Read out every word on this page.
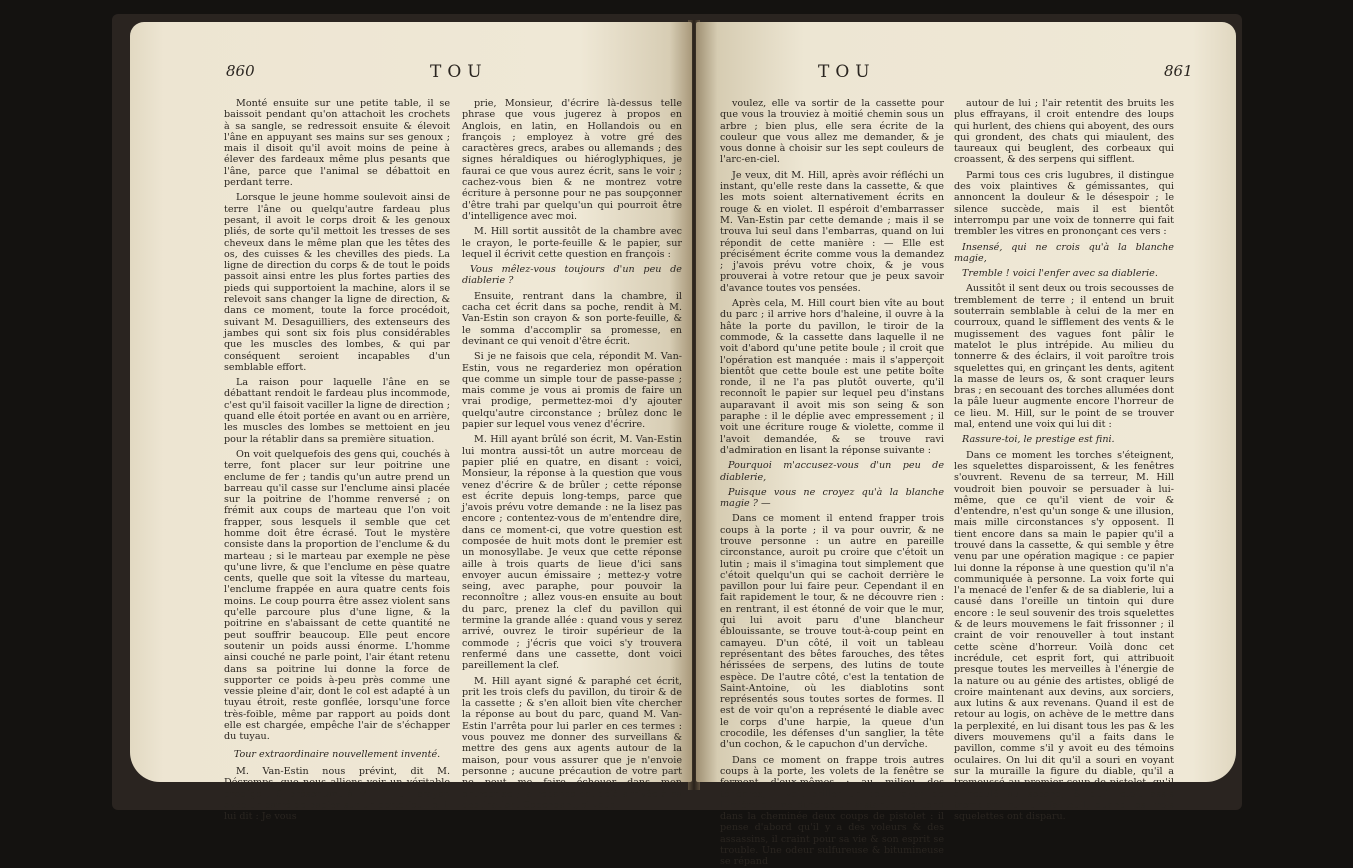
860	TOU

Monté ensuite sur une petite table, il se baissoit pendant qu'on attachoit les crochets à sa sangle, se redressoit ensuite & élevoit l'âne en appuyant ses mains sur ses genoux ; mais il disoit qu'il avoit moins de peine à élever des fardeaux même plus pesants que l'âne, parce que l'animal se débattoit en perdant terre.

Lorsque le jeune homme soulevoit ainsi de terre l'âne ou quelqu'autre fardeau plus pesant, il avoit le corps droit & les genoux pliés, de sorte qu'il mettoit les tresses de ses cheveux dans le même plan que les têtes des os, des cuisses & les chevilles des pieds. La ligne de direction du corps & de tout le poids passoit ainsi entre les plus fortes parties des pieds qui supportoient la machine, alors il se relevoit sans changer la ligne de direction, & dans ce moment, toute la force procédoit, suivant M. Desaguilliers, des extenseurs des jambes qui sont six fois plus considérables que les muscles des lombes, & qui par conséquent seroient incapables d'un semblable effort.

La raison pour laquelle l'âne en se débattant rendoit le fardeau plus incommode, c'est qu'il faisoit vaciller la ligne de direction ; quand elle étoit portée en avant ou en arrière, les muscles des lombes se mettoient en jeu pour la rétablir dans sa première situation.

On voit quelquefois des gens qui, couchés à terre, font placer sur leur poitrine une enclume de fer ; tandis qu'un autre prend un barreau qu'il casse sur l'enclume ainsi placée sur la poitrine de l'homme renversé ; on frémit aux coups de marteau que l'on voit frapper, sous lesquels il semble que cet homme doit être écrasé. Tout le mystère consiste dans la proportion de l'enclume & du marteau ; si le marteau par exemple ne pèse qu'une livre, & que l'enclume en pèse quatre cents, quelle que soit la vîtesse du marteau, l'enclume frappée en aura quatre cents fois moins. Le coup pourra être assez violent sans qu'elle parcoure plus d'une ligne, & la poitrine en s'abaissant de cette quantité ne peut souffrir beaucoup. Elle peut encore soutenir un poids aussi énorme. L'homme ainsi couché ne parle point, l'air étant retenu dans sa poitrine lui donne la force de supporter ce poids à-peu près comme une vessie pleine d'air, dont le col est adapté à un tuyau étroit, reste gonflée, lorsqu'une force très-foible, même par rapport au poids dont elle est chargée, empêche l'air de s'échapper du tuyau.

Tour extraordinaire nouvellement inventé.

M. Van-Estin nous prévint, dit M. Décremps, que nous allions voir un véritable prodige ; & présentant à M. Hill un crayon avec un carré de papier sur un porte-feuille, il lui dit : Je vous

prie, Monsieur, d'écrire là-dessus telle phrase que vous jugerez à propos en Anglois, en latin, en Hollandois ou en françois ; employez à votre gré des caractères grecs, arabes ou allemands ; des signes héraldiques ou hiéroglyphiques, je faurai ce que vous aurez écrit, sans le voir ; cachez-vous bien & ne montrez votre écriture à personne pour ne pas soupçonner d'être trahi par quelqu'un qui pourroit être d'intelligence avec moi.

M. Hill sortit aussitôt de la chambre avec le crayon, le porte-feuille & le papier, sur lequel il écrivit cette question en françois :

Vous mêlez-vous toujours d'un peu de diablerie ?

Ensuite, rentrant dans la chambre, il cacha cet écrit dans sa poche, rendit à M. Van-Estin son crayon & son porte-feuille, & le somma d'accomplir sa promesse, en devinant ce qui venoit d'être écrit.

Si je ne faisois que cela, répondit M. Van-Estin, vous ne regarderiez mon opération que comme un simple tour de passe-passe ; mais comme je vous ai promis de faire un vrai prodige, permettez-moi d'y ajouter quelqu'autre circonstance ; brûlez donc le papier sur lequel vous venez d'écrire.

M. Hill ayant brûlé son écrit, M. Van-Estin lui montra aussi-tôt un autre morceau de papier plié en quatre, en disant : voici, Monsieur, la réponse à la question que vous venez d'écrire & de brûler ; cette réponse est écrite depuis long-temps, parce que j'avois prévu votre demande : ne la lisez pas encore ; contentez-vous de m'entendre dire, dans ce moment-ci, que votre question est composée de huit mots dont le premier est un monosyllabe. Je veux que cette réponse aille à trois quarts de lieue d'ici sans envoyer aucun émissaire ; mettez-y votre seing, avec paraphe, pour pouvoir la reconnoître ; allez vous-en ensuite au bout du parc, prenez la clef du pavillon qui termine la grande allée : quand vous y serez arrivé, ouvrez le tiroir supérieur de la commode ; j'écris que voici s'y trouvera renfermé dans une cassette, dont voici pareillement la clef.

M. Hill ayant signé & paraphé cet écrit, prit les trois clefs du pavillon, du tiroir & de la cassette ; & s'en alloit bien vîte chercher la réponse au bout du parc, quand M. Van-Estin l'arrêta pour lui parler en ces termes : vous pouvez me donner des surveillans & mettre des gens aux agents autour de la maison, pour vous assurer que je n'envoie personne ; aucune précaution de votre part ne peut me faire échouer dans mon entreprise ; la réponse est déjà arrivée à sa destination. Cependant, si vous

TOU	861

voulez, elle va sortir de la cassette pour que vous la trouviez à moitié chemin sous un arbre ; bien plus, elle sera écrite de la couleur que vous allez me demander, & je vous donne à choisir sur les sept couleurs de l'arc-en-ciel.

Je veux, dit M. Hill, après avoir réfléchi un instant, qu'elle reste dans la cassette, & que les mots soient alternativement écrits en rouge & en violet. Il espéroit d'embarrasser M. Van-Estin par cette demande ; mais il se trouva lui seul dans l'embarras, quand on lui répondit de cette manière : — Elle est précisément écrite comme vous la demandez ; j'avois prévu votre choix, & je vous prouverai à votre retour que je peux savoir d'avance toutes vos pensées.

Après cela, M. Hill court bien vîte au bout du parc ; il arrive hors d'haleine, il ouvre à la hâte la porte du pavillon, le tiroir de la commode, & la cassette dans laquelle il ne voit d'abord qu'une petite boule ; il croit que l'opération est manquée : mais il s'apperçoit bientôt que cette boule est une petite boîte ronde, il ne l'a pas plutôt ouverte, qu'il reconnoît le papier sur lequel peu d'instans auparavant il avoit mis son seing & son paraphe : il le déplie avec empressement ; il voit une écriture rouge & violette, comme il l'avoit demandée, & se trouve ravi d'admiration en lisant la réponse suivante :

Pourquoi m'accusez-vous d'un peu de diablerie,

Puisque vous ne croyez qu'à la blanche magie ? —

Dans ce moment il entend frapper trois coups à la porte ; il va pour ouvrir, & ne trouve personne : un autre en pareille circonstance, auroit pu croire que c'étoit un lutin ; mais il s'imagina tout simplement que c'étoit quelqu'un qui se cachoit derrière le pavillon pour lui faire peur. Cependant il en fait rapidement le tour, & ne découvre rien : en rentrant, il est étonné de voir que le mur, qui lui avoit paru d'une blancheur éblouissante, se trouve tout-à-coup peint en camayeu. D'un côté, il voit un tableau représentant des bêtes farouches, des têtes hérissées de serpens, des lutins de toute espèce. De l'autre côté, c'est la tentation de Saint-Antoine, où les diablotins sont représentés sous toutes sortes de formes. Il est de voir qu'on a représenté le diable avec le corps d'une harpie, la queue d'un crocodile, les défenses d'un sanglier, la tête d'un cochon, & le capuchon d'un dervîche.

Dans ce moment on frappe trois autres coups à la porte, les volets de la fenêtre se ferment d'eux-mêmes ; au milieu des ténèbres, il voit briller un petit rayon de lumière qui ne dure qu'un instant : il entend dans la cheminée deux coups de pistolet : il pense d'abord qu'il y a des voleurs & des assassins, il craint pour sa vie & son esprit se trouble. Une odeur sulfureuse & bitumineuse se répand

autour de lui ; l'air retentit des bruits les plus effrayans, il croit entendre des loups qui hurlent, des chiens qui aboyent, des ours qui grondent, des chats qui miaulent, des taureaux qui beuglent, des corbeaux qui croassent, & des serpens qui sifflent.

Parmi tous ces cris lugubres, il distingue des voix plaintives & gémissantes, qui annoncent la douleur & le désespoir ; le silence succède, mais il est bientôt interrompu par une voix de tonnerre qui fait trembler les vitres en prononçant ces vers :

Insensé, qui ne crois qu'à la blanche magie,

Tremble ! voici l'enfer avec sa diablerie.

Aussitôt il sent deux ou trois secousses de tremblement de terre ; il entend un bruit souterrain semblable à celui de la mer en courroux, quand le sifflement des vents & le mugissement des vagues font pâlir le matelot le plus intrépide. Au milieu du tonnerre & des éclairs, il voit paroître trois squelettes qui, en grinçant les dents, agitent la masse de leurs os, & sont craquer leurs bras ; en secouant des torches allumées dont la pâle lueur augmente encore l'horreur de ce lieu. M. Hill, sur le point de se trouver mal, entend une voix qui lui dit :

Rassure-toi, le prestige est fini.

Dans ce moment les torches s'éteignent, les squelettes disparoissent, & les fenêtres s'ouvrent. Revenu de sa terreur, M. Hill voudroit bien pouvoir se persuader à lui-même, que ce qu'il vient de voir & d'entendre, n'est qu'un songe & une illusion, mais mille circonstances s'y opposent. Il tient encore dans sa main le papier qu'il a trouvé dans la cassette, & qui semble y être venu par une opération magique : ce papier lui donne la réponse à une question qu'il n'a communiquée à personne. La voix forte qui l'a menacé de l'enfer & de sa diablerie, lui a causé dans l'oreille un tintoin qui dure encore : le seul souvenir des trois squelettes & de leurs mouvemens le fait frissonner ; il craint de voir renouveller à tout instant cette scène d'horreur. Voilà donc cet incrédule, cet esprit fort, qui attribuoit presque toutes les merveilles à l'énergie de la nature ou au génie des artistes, obligé de croire maintenant aux devins, aux sorciers, aux lutins & aux revenans. Quand il est de retour au logis, on achève de le mettre dans la perplexité, en lui disant tous les pas & les divers mouvemens qu'il a faits dans le pavillon, comme s'il y avoit eu des témoins oculaires. On lui dit qu'il a souri en voyant sur la muraille la figure du diable, qu'il a tremoussé au premier coup de pistolet, qu'il a reculé au second, & qu'il étoit assis tremblant sur un fauteuil, quand les trois squelettes ont disparu.
